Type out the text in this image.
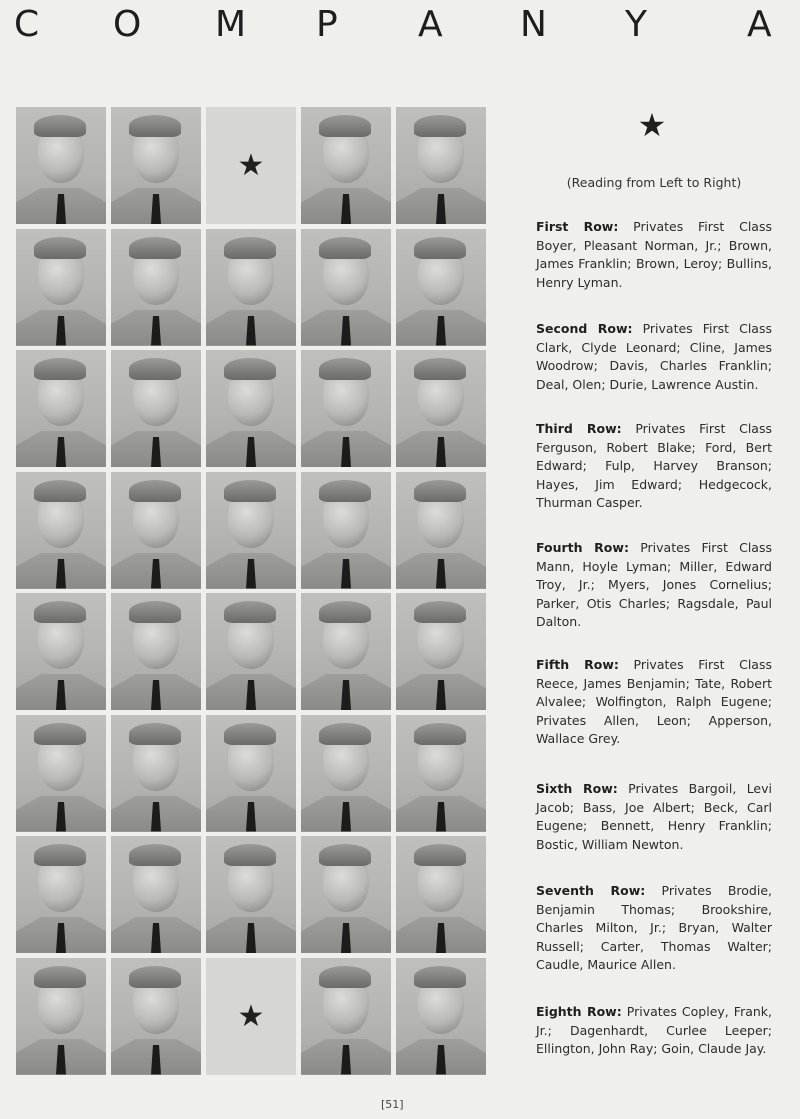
C O M P A N Y	A
★
★
★
(Reading from Left to Right)
First Row: Privates First Class Boyer, Pleasant Norman, Jr.; Brown, James Franklin; Brown, Leroy; Bullins, Henry Lyman.
Second Row: Privates First Class Clark, Clyde Leonard; Cline, James Woodrow; Davis, Charles Franklin; Deal, Olen; Durie, Lawrence Austin.
Third Row: Privates First Class Ferguson, Robert Blake; Ford, Bert Edward; Fulp, Harvey Branson; Hayes, Jim Edward; Hedgecock, Thurman Casper.
Fourth Row: Privates First Class Mann, Hoyle Lyman; Miller, Edward Troy, Jr.; Myers, Jones Cornelius; Parker, Otis Charles; Ragsdale, Paul Dalton.
Fifth Row: Privates First Class Reece, James Benjamin; Tate, Robert Alvalee; Wolfington, Ralph Eugene; Privates Allen, Leon; Apperson, Wallace Grey.
Sixth Row: Privates Bargoil, Levi Jacob; Bass, Joe Albert; Beck, Carl Eugene; Bennett, Henry Franklin; Bostic, William Newton.
Seventh Row: Privates Brodie, Benjamin Thomas; Brookshire, Charles Milton, Jr.; Bryan, Walter Russell; Carter, Thomas Walter; Caudle, Maurice Allen.
Eighth Row: Privates Copley, Frank, Jr.; Dagenhardt, Curlee Leeper; Ellington, John Ray; Goin, Claude Jay.
[51]
